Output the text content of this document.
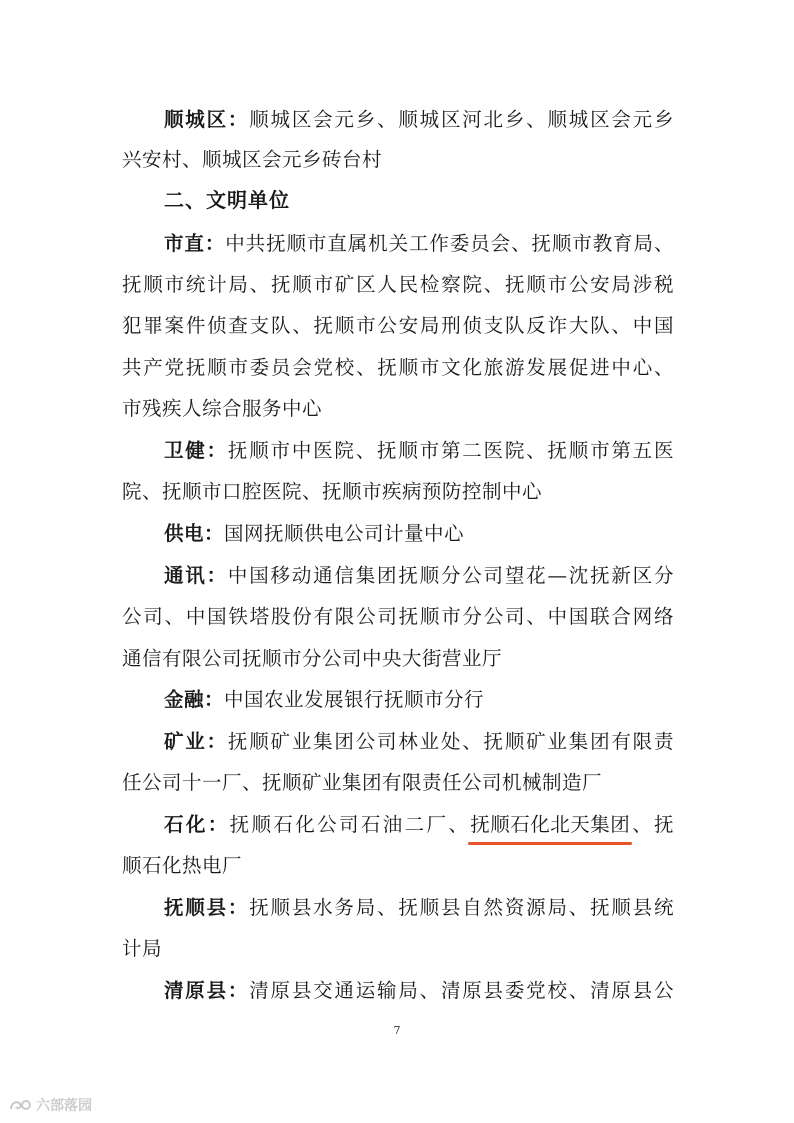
顺城区：顺城区会元乡、顺城区河北乡、顺城区会元乡
兴安村、顺城区会元乡砖台村
二、文明单位
市直：中共抚顺市直属机关工作委员会、抚顺市教育局、
抚顺市统计局、抚顺市矿区人民检察院、抚顺市公安局涉税
犯罪案件侦查支队、抚顺市公安局刑侦支队反诈大队、中国
共产党抚顺市委员会党校、抚顺市文化旅游发展促进中心、
市残疾人综合服务中心
卫健：抚顺市中医院、抚顺市第二医院、抚顺市第五医
院、抚顺市口腔医院、抚顺市疾病预防控制中心
供电：国网抚顺供电公司计量中心
通讯：中国移动通信集团抚顺分公司望花—沈抚新区分
公司、中国铁塔股份有限公司抚顺市分公司、中国联合网络
通信有限公司抚顺市分公司中央大街营业厅
金融：中国农业发展银行抚顺市分行
矿业：抚顺矿业集团公司林业处、抚顺矿业集团有限责
任公司十一厂、抚顺矿业集团有限责任公司机械制造厂
石化：抚顺石化公司石油二厂、抚顺石化北天集团、抚
顺石化热电厂
抚顺县：抚顺县水务局、抚顺县自然资源局、抚顺县统
计局
清原县：清原县交通运输局、清原县委党校、清原县公
7
六部落园
